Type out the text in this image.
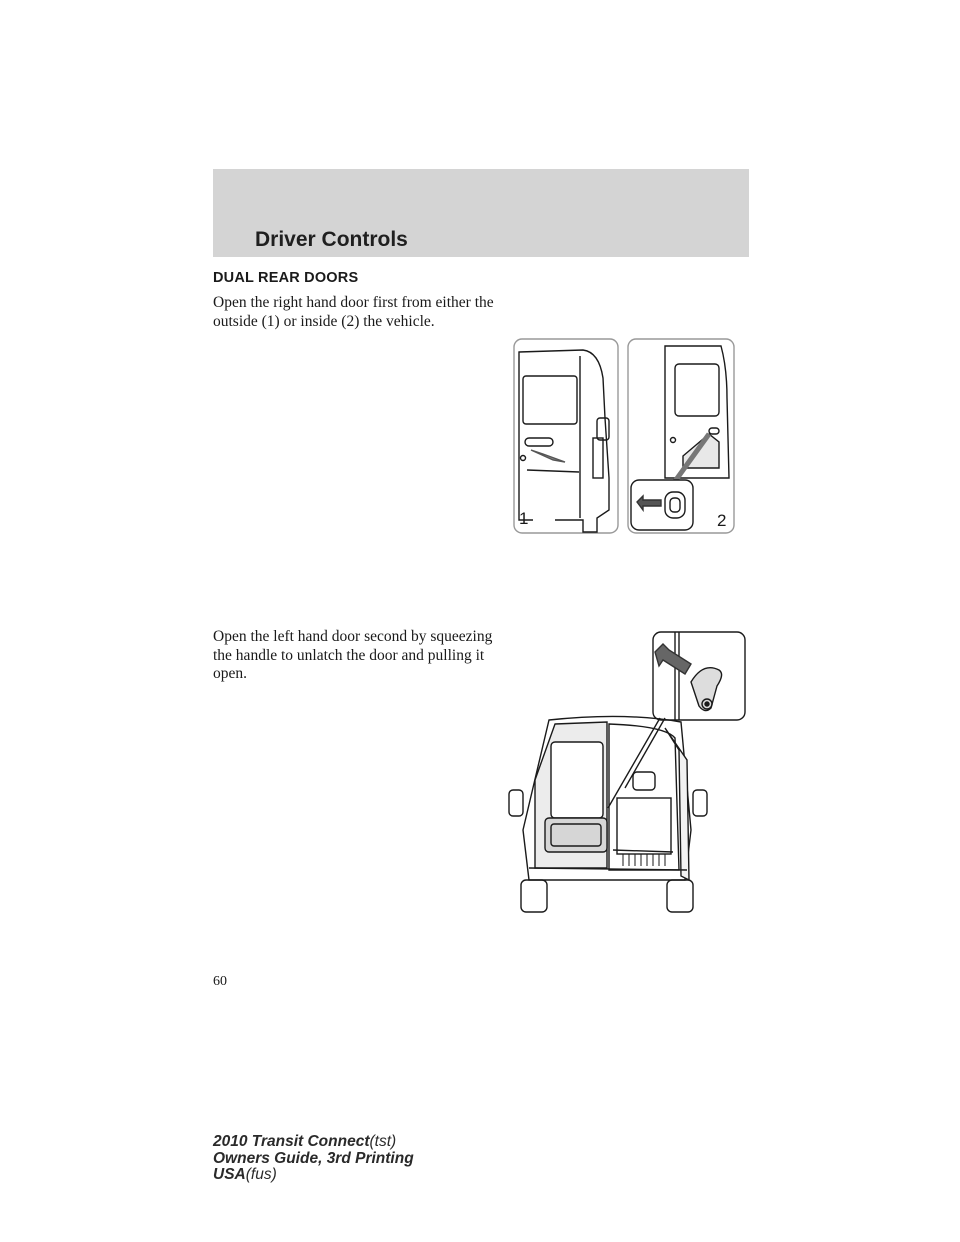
Driver Controls
DUAL REAR DOORS
Open the right hand door first from either the outside (1) or inside (2) the vehicle.
1	2
Open the left hand door second by squeezing the handle to unlatch the door and pulling it open.
60
2010 Transit Connect(tst)
Owners Guide, 3rd Printing
USA(fus)
